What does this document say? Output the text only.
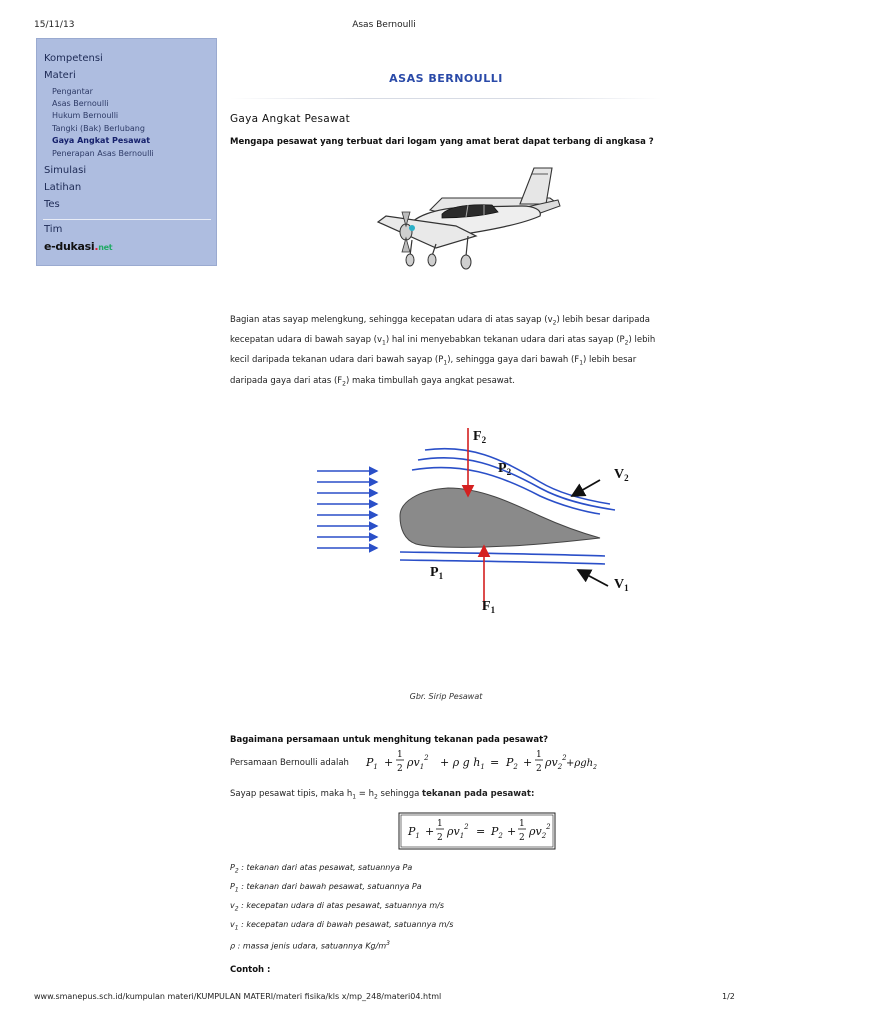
15/11/13	Asas Bernoulli
Kompetensi
Materi
Pengantar
Asas Bernoulli
Hukum Bernoulli
Tangki (Bak) Berlubang
Gaya Angkat Pesawat
Penerapan Asas Bernoulli
Simulasi
Latihan
Tes
Tim
e-dukasi.net
ASAS BERNOULLI
Gaya Angkat Pesawat
Mengapa pesawat yang terbuat dari logam yang amat berat dapat terbang di angkasa ?
Bagian atas sayap melengkung, sehingga kecepatan udara di atas sayap $(v_2)$ lebih besar daripada
kecepatan udara di bawah sayap $(v_1)$ hal ini menyebabkan tekanan udara dari atas sayap $(P_2)$ lebih
kecil daripada tekanan udara dari bawah sayap $(P_1)$, sehingga gaya dari bawah $(F_1)$ lebih besar
daripada gaya dari atas $(F_2)$ maka timbullah gaya angkat pesawat.
$F_2$
$P_2$	$V_2$
$P_1$
$V_1$
$F_1$
Gbr. Sirip Pesawat
Bagaimana persamaan untuk menghitung tekanan pada pesawat?
Persamaan Bernoulli adalah $P_1$ +
1
2 $\rho v_1^2 + \rho$ g $h_1 = P_2$ +
1
2 $\rho v_2^2 +\rho gh_2$
Sayap pesawat tipis, maka $h_1 = h_2$ sehingga tekanan pada pesawat:
$P_1$ +
1
2 $\rho v_1^2 = P_2$ +
1
2 $\rho v_2^2$
$P_2$ : tekanan dari atas pesawat, satuannya Pa
$P_1$ : tekanan dari bawah pesawat, satuannya Pa
$v_2$ : kecepatan udara di atas pesawat, satuannya m/s
$v_1$ : kecepatan udara di bawah pesawat, satuannya m/s
ρ : massa jenis udara, satuannya $Kg/m^3$
Contoh :
www.smanepus.sch.id/kumpulan materi/KUMPULAN MATERI/materi fisika/kls x/mp_248/materi04.html	1/2
